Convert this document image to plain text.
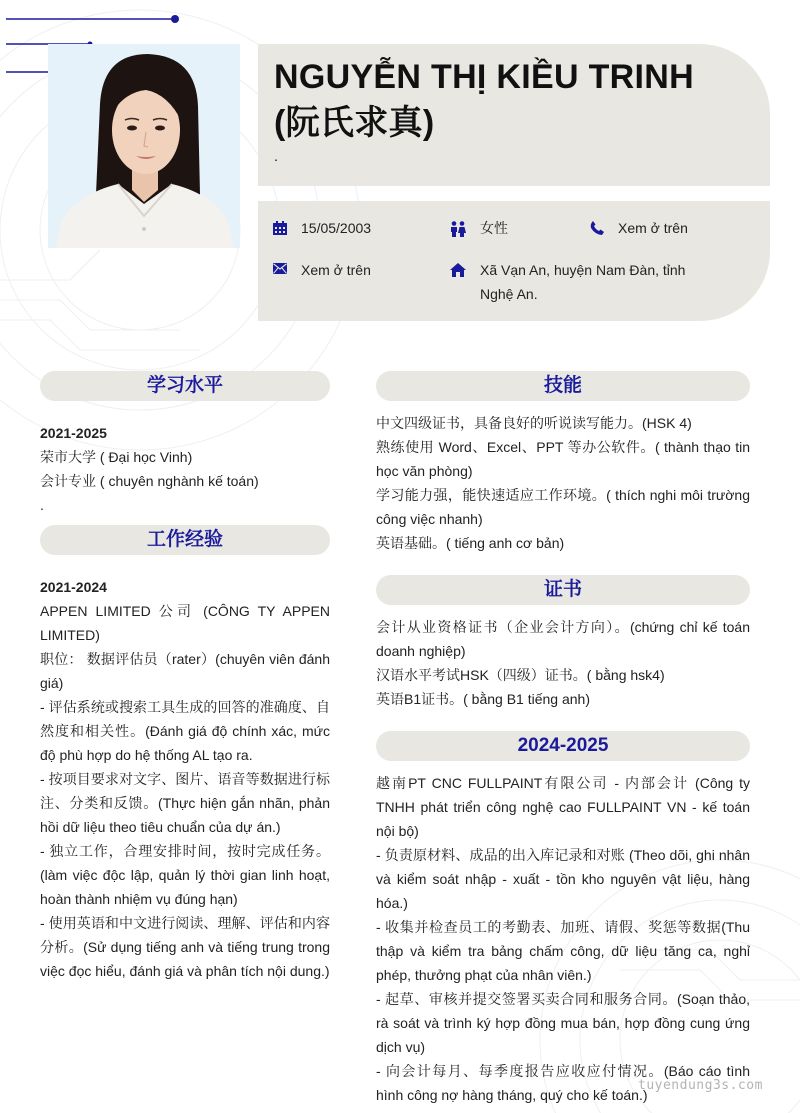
NGUYỄN THỊ KIỀU TRINH
(阮氏求真)
.
15/05/2003	女性	Xem ở trên
Xem ở trên	Xã Vạn An, huyện Nam Đàn, tỉnh
Nghệ An.
学习水平

2021-2025

荣市大学 ( Đại học Vinh)

会计专业 ( chuyên nghành kế toán)

.

工作经验

2021-2024

APPEN LIMITED 公司 (CÔNG TY APPEN LIMITED)

职位： 数据评估员（rater）(chuyên viên đánh giá)

- 评估系统或搜索工具生成的回答的准确度、自然度和相关性。(Đánh giá độ chính xác, mức độ phù hợp do hệ thống AL tạo ra.

- 按项目要求对文字、图片、语音等数据进行标注、分类和反馈。(Thực hiện gắn nhãn, phản hồi dữ liệu theo tiêu chuẩn của dự án.)

- 独立工作，合理安排时间，按时完成任务。(làm việc độc lập, quản lý thời gian linh hoạt, hoàn thành nhiệm vụ đúng hạn)

- 使用英语和中文进行阅读、理解、评估和内容分析。(Sử dụng tiếng anh và tiếng trung trong việc đọc hiểu, đánh giá và phân tích nội dung.)

技能

中文四级证书，具备良好的听说读写能力。(HSK 4)

熟练使用 Word、Excel、PPT 等办公软件。( thành thạo tin học văn phòng)

学习能力强，能快速适应工作环境。( thích nghi môi trường công việc nhanh)

英语基础。( tiếng anh cơ bản)

证书

会计从业资格证书（企业会计方向）。(chứng chỉ kế toán doanh nghiệp)

汉语水平考试HSK（四级）证书。( bằng hsk4)

英语B1证书。( bằng B1 tiếng anh)

2024-2025

越南PT CNC FULLPAINT有限公司 - 内部会计 (Công ty TNHH phát triển công nghệ cao FULLPAINT VN - kế toán nội bộ)

- 负责原材料、成品的出入库记录和对账 (Theo dõi, ghi nhân và kiểm soát nhập - xuất - tồn kho nguyên vật liệu, hàng hóa.)

- 收集并检查员工的考勤表、加班、请假、奖惩等数据(Thu thập và kiểm tra bảng chấm công, dữ liệu tăng ca, nghỉ phép, thưởng phạt của nhân viên.)

- 起草、审核并提交签署买卖合同和服务合同。(Soạn thảo, rà soát và trình ký hợp đồng mua bán, hợp đồng cung ứng dịch vụ)

- 向会计每月、每季度报告应收应付情况。(Báo cáo tình hình công nợ hàng tháng, quý cho kế toán.)

tuyendung3s.com
